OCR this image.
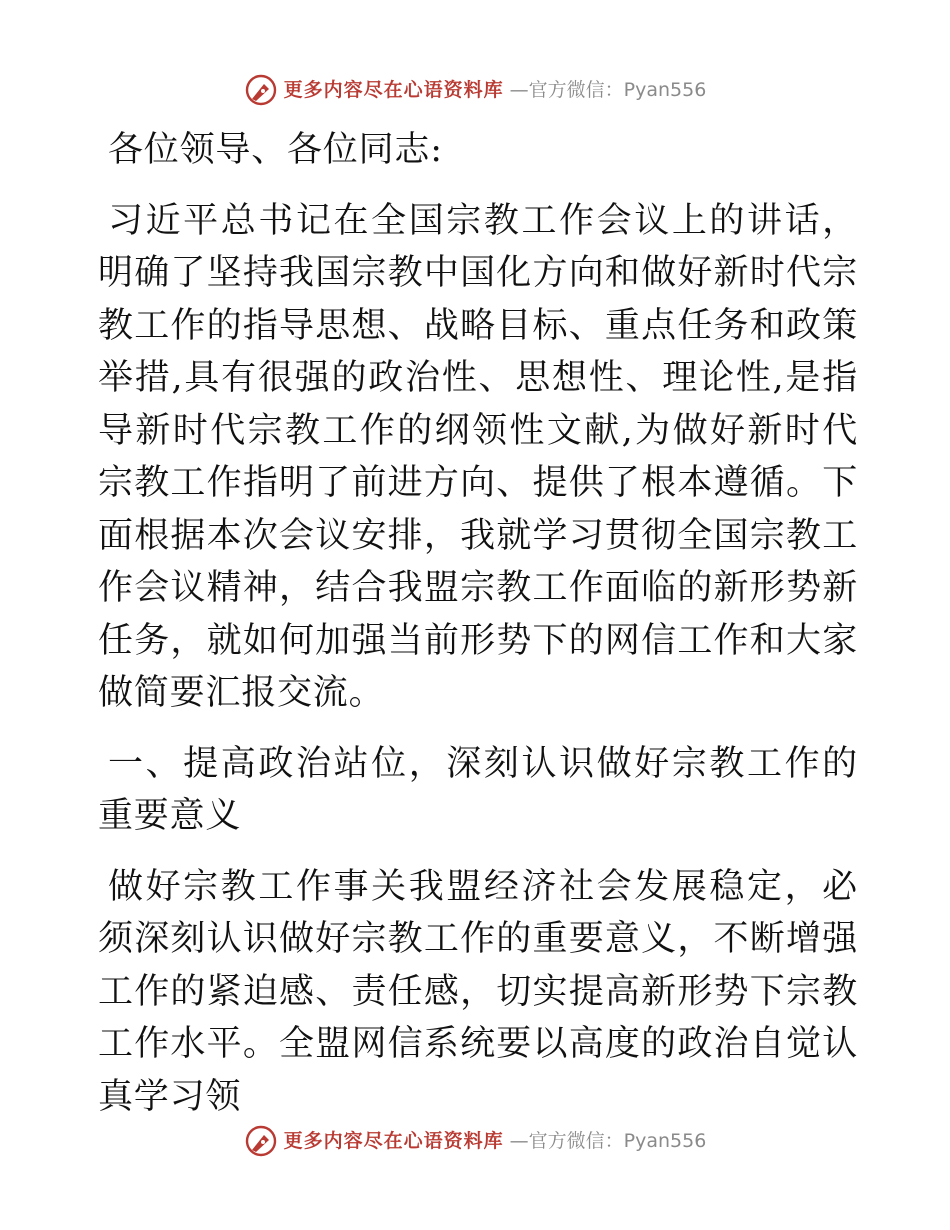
更多内容尽在心语资料库 —官方微信：Pyan556

各位领导、各位同志:

习近平总书记在全国宗教工作会议上的讲话，明确了坚持我国宗教中国化方向和做好新时代宗教工作的指导思想、战略目标、重点任务和政策举措,具有很强的政治性、思想性、理论性,是指导新时代宗教工作的纲领性文献,为做好新时代宗教工作指明了前进方向、提供了根本遵循。下面根据本次会议安排，我就学习贯彻全国宗教工作会议精神，结合我盟宗教工作面临的新形势新任务，就如何加强当前形势下的网信工作和大家做简要汇报交流。

一、提高政治站位，深刻认识做好宗教工作的重要意义

做好宗教工作事关我盟经济社会发展稳定，必须深刻认识做好宗教工作的重要意义，不断增强工作的紧迫感、责任感，切实提高新形势下宗教工作水平。全盟网信系统要以高度的政治自觉认真学习领

更多内容尽在心语资料库 —官方微信：Pyan556
